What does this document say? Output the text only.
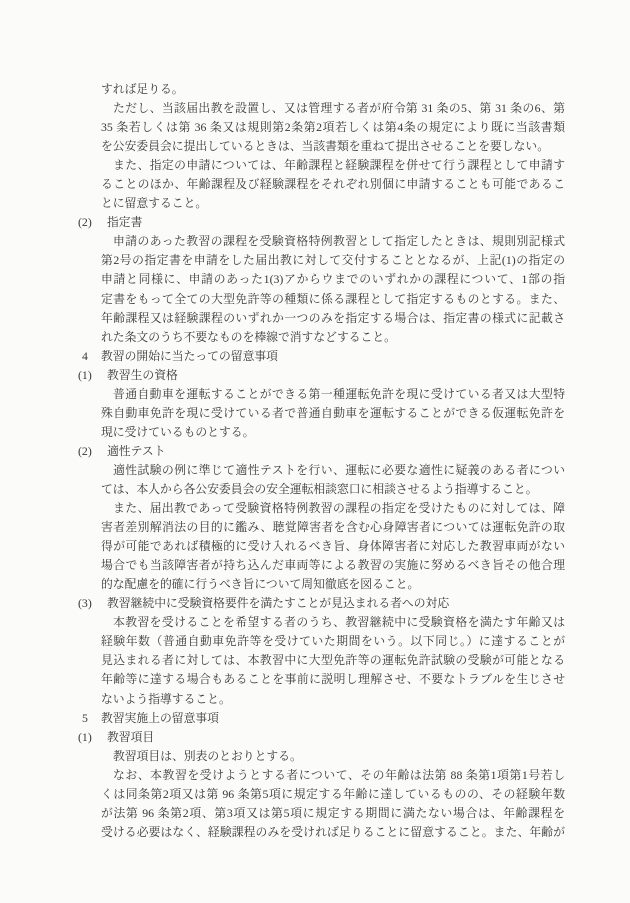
すれば足りる。
ただし、当該届出教を設置し、又は管理する者が府令第 31 条の5、第 31 条の6、第
35 条若しくは第 36 条又は規則第2条第2項若しくは第4条の規定により既に当該書類
を公安委員会に提出しているときは、当該書類を重ねて提出させることを要しない。
また、指定の申請については、年齢課程と経験課程を併せて行う課程として申請す
ることのほか、年齢課程及び経験課程をそれぞれ別個に申請することも可能であるこ
とに留意すること。
(2) 指定書
申請のあった教習の課程を受験資格特例教習として指定したときは、規則別記様式
第2号の指定書を申請をした届出教に対して交付することとなるが、上記(1)の指定の
申請と同様に、申請のあった1(3)アからウまでのいずれかの課程について、1部の指
定書をもって全ての大型免許等の種類に係る課程として指定するものとする。また、
年齢課程又は経験課程のいずれか一つのみを指定する場合は、指定書の様式に記載さ
れた条文のうち不要なものを棒線で消すなどすること。
4 教習の開始に当たっての留意事項
(1) 教習生の資格
普通自動車を運転することができる第一種運転免許を現に受けている者又は大型特
殊自動車免許を現に受けている者で普通自動車を運転することができる仮運転免許を
現に受けているものとする。
(2) 適性テスト
適性試験の例に準じて適性テストを行い、運転に必要な適性に疑義のある者につい
ては、本人から各公安委員会の安全運転相談窓口に相談させるよう指導すること。
また、届出教であって受験資格特例教習の課程の指定を受けたものに対しては、障
害者差別解消法の目的に鑑み、聴覚障害者を含む心身障害者については運転免許の取
得が可能であれば積極的に受け入れるべき旨、身体障害者に対応した教習車両がない
場合でも当該障害者が持ち込んだ車両等による教習の実施に努めるべき旨その他合理
的な配慮を的確に行うべき旨について周知徹底を図ること。
(3) 教習継続中に受験資格要件を満たすことが見込まれる者への対応
本教習を受けることを希望する者のうち、教習継続中に受験資格を満たす年齢又は
経験年数（普通自動車免許等を受けていた期間をいう。以下同じ。）に達することが
見込まれる者に対しては、本教習中に大型免許等の運転免許試験の受験が可能となる
年齢等に達する場合もあることを事前に説明し理解させ、不要なトラブルを生じさせ
ないよう指導すること。
5 教習実施上の留意事項
(1) 教習項目
教習項目は、別表のとおりとする。
なお、本教習を受けようとする者について、その年齢は法第 88 条第1項第1号若し
くは同条第2項又は第 96 条第5項に規定する年齢に達しているものの、その経験年数
が法第 96 条第2項、第3項又は第5項に規定する期間に満たない場合は、年齢課程を
受ける必要はなく、経験課程のみを受ければ足りることに留意すること。また、年齢が
